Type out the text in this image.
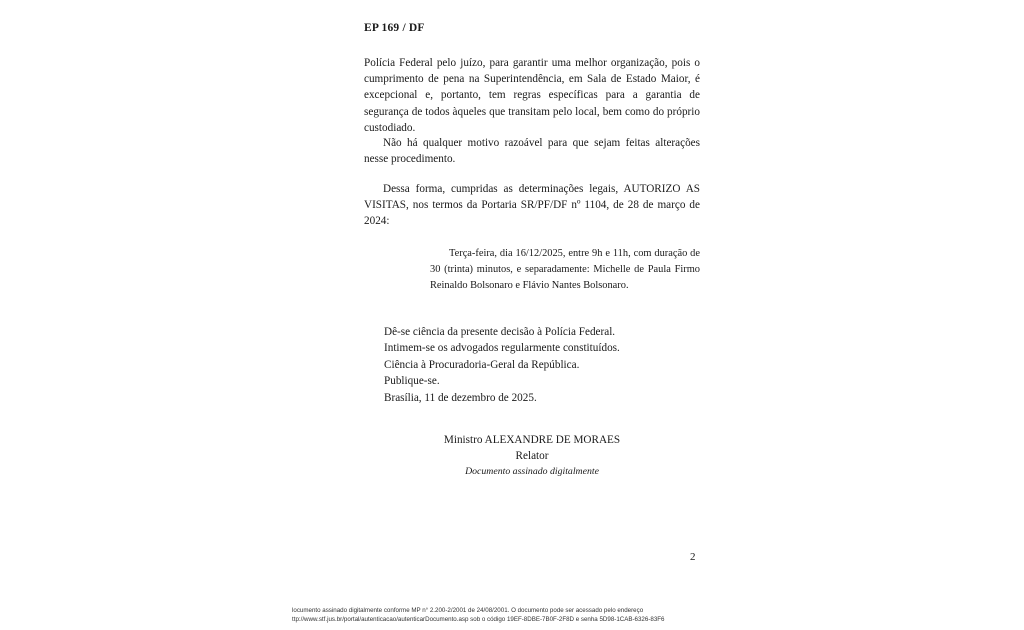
EP 169 / DF
Polícia Federal pelo juízo, para garantir uma melhor organização, pois o cumprimento de pena na Superintendência, em Sala de Estado Maior, é excepcional e, portanto, tem regras específicas para a garantia de segurança de todos àqueles que transitam pelo local, bem como do próprio custodiado.
Não há qualquer motivo razoável para que sejam feitas alterações nesse procedimento.
Dessa forma, cumpridas as determinações legais, AUTORIZO AS VISITAS, nos termos da Portaria SR/PF/DF nº 1104, de 28 de março de 2024:
Terça-feira, dia 16/12/2025, entre 9h e 11h, com duração de 30 (trinta) minutos, e separadamente: Michelle de Paula Firmo Reinaldo Bolsonaro e Flávio Nantes Bolsonaro.
Dê-se ciência da presente decisão à Polícia Federal.
Intimem-se os advogados regularmente constituídos.
Ciência à Procuradoria-Geral da República.
Publique-se.
Brasília, 11 de dezembro de 2025.
Ministro ALEXANDRE DE MORAES
Relator
Documento assinado digitalmente
2
locumento assinado digitalmente conforme MP n° 2.200-2/2001 de 24/08/2001. O documento pode ser acessado pelo endereço
ttp://www.stf.jus.br/portal/autenticacao/autenticarDocumento.asp sob o código 19EF-8DBE-7B0F-2F8D e senha 5D98-1CAB-6326-83F6
